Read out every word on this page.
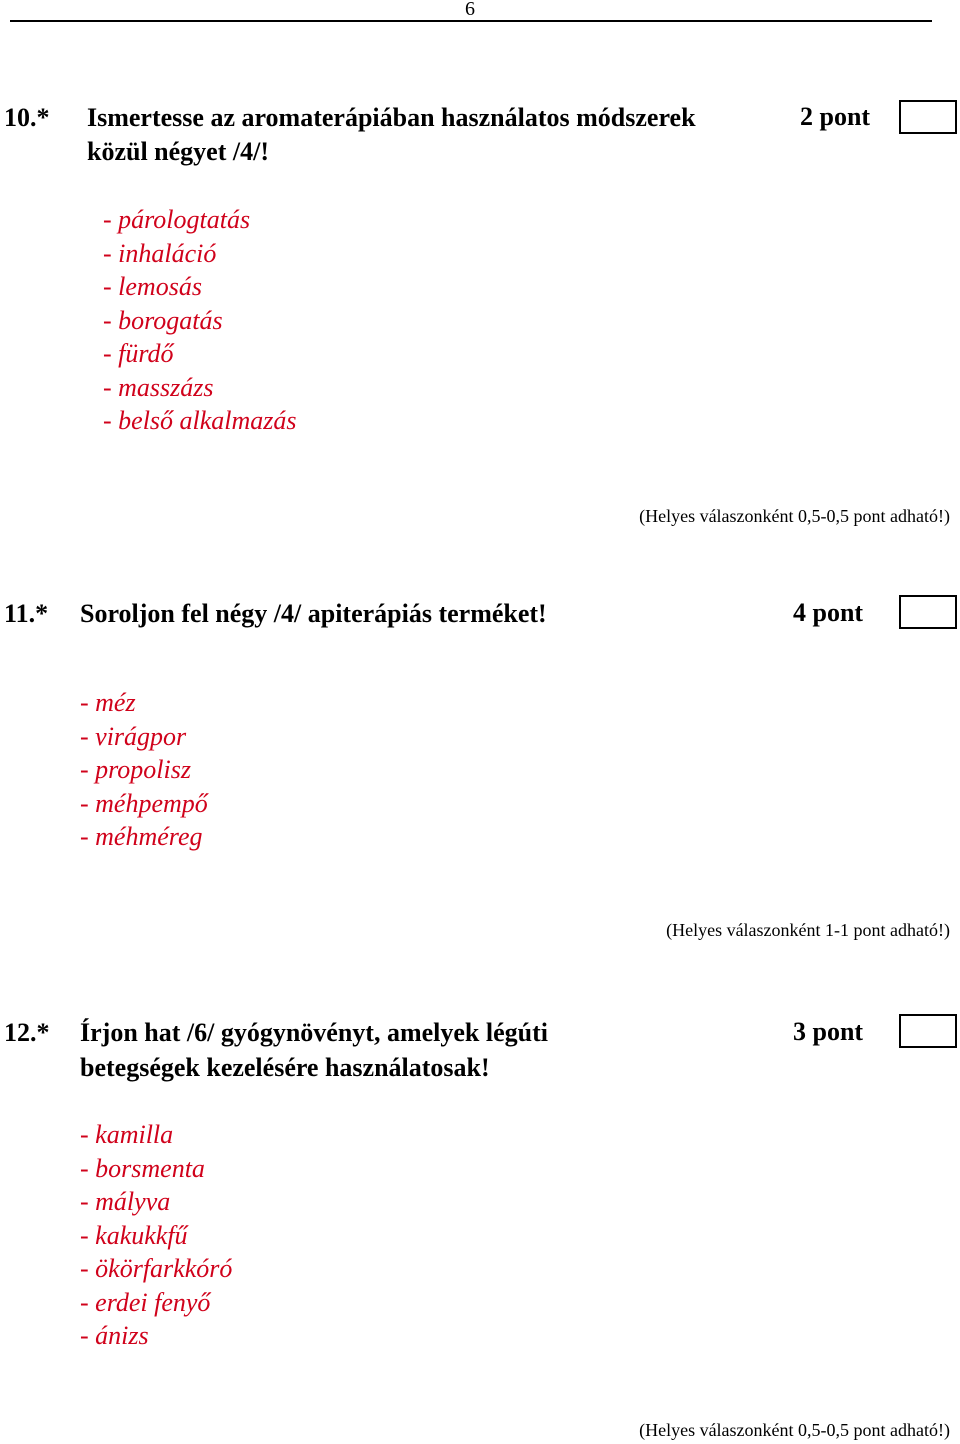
6
10.* Ismertesse az aromaterápiában használatos módszerek
közül négyet /4/!
2 pont
- párologtatás
- inhaláció
- lemosás
- borogatás
- fürdő
- masszázs
- belső alkalmazás
(Helyes válaszonként 0,5-0,5 pont adható!)
11.* Soroljon fel négy /4/ apiterápiás terméket!	4 pont
- méz
- virágpor
- propolisz
- méhpempő
- méhméreg
(Helyes válaszonként 1-1 pont adható!)
12.* Írjon hat /6/ gyógynövényt, amelyek légúti
betegségek kezelésére használatosak!
3 pont
- kamilla
- borsmenta
- mályva
- kakukkfű
- ökörfarkkóró
- erdei fenyő
- ánizs
(Helyes válaszonként 0,5-0,5 pont adható!)
